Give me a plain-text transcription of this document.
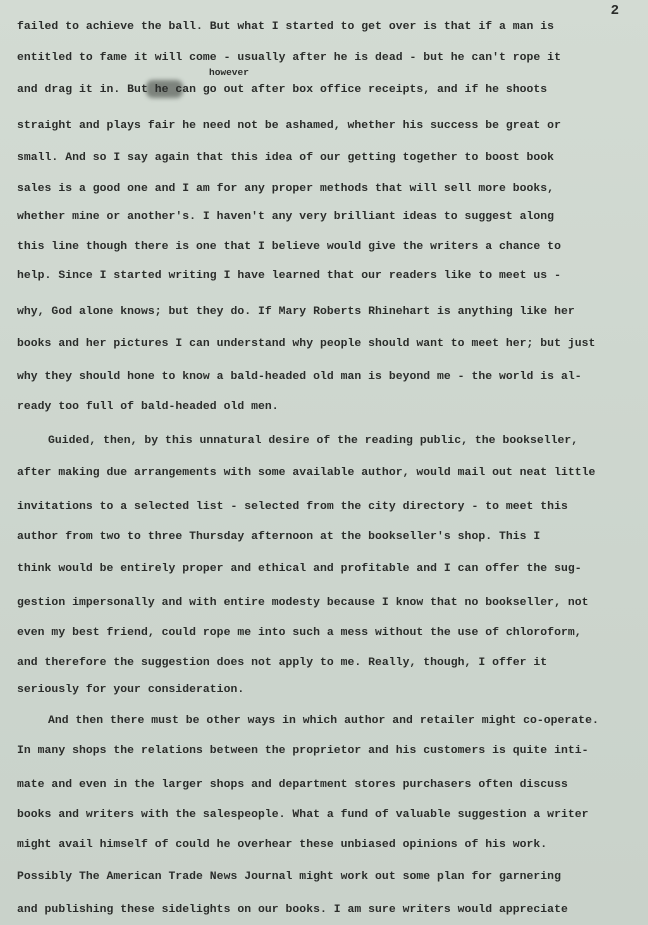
2
however
failed to achieve the ball. But what I started to get over is that if a man is
entitled to fame it will come - usually after he is dead - but he can't rope it
and drag it in. But he can go out after box office receipts, and if he shoots
straight and plays fair he need not be ashamed, whether his success be great or
small. And so I say again that this idea of our getting together to boost book
sales is a good one and I am for any proper methods that will sell more books,
whether mine or another's. I haven't any very brilliant ideas to suggest along
this line though there is one that I believe would give the writers a chance to
help. Since I started writing I have learned that our readers like to meet us -
why, God alone knows; but they do. If Mary Roberts Rhinehart is anything like her
books and her pictures I can understand why people should want to meet her; but just
why they should hone to know a bald-headed old man is beyond me - the world is al-
ready too full of bald-headed old men.
Guided, then, by this unnatural desire of the reading public, the bookseller,
after making due arrangements with some available author, would mail out neat little
invitations to a selected list - selected from the city directory - to meet this
author from two to three Thursday afternoon at the bookseller's shop. This I
think would be entirely proper and ethical and profitable and I can offer the sug-
gestion impersonally and with entire modesty because I know that no bookseller, not
even my best friend, could rope me into such a mess without the use of chloroform,
and therefore the suggestion does not apply to me. Really, though, I offer it
seriously for your consideration.
And then there must be other ways in which author and retailer might co-operate.
In many shops the relations between the proprietor and his customers is quite inti-
mate and even in the larger shops and department stores purchasers often discuss
books and writers with the salespeople. What a fund of valuable suggestion a writer
might avail himself of could he overhear these unbiased opinions of his work.
Possibly The American Trade News Journal might work out some plan for garnering
and publishing these sidelights on our books. I am sure writers would appreciate
